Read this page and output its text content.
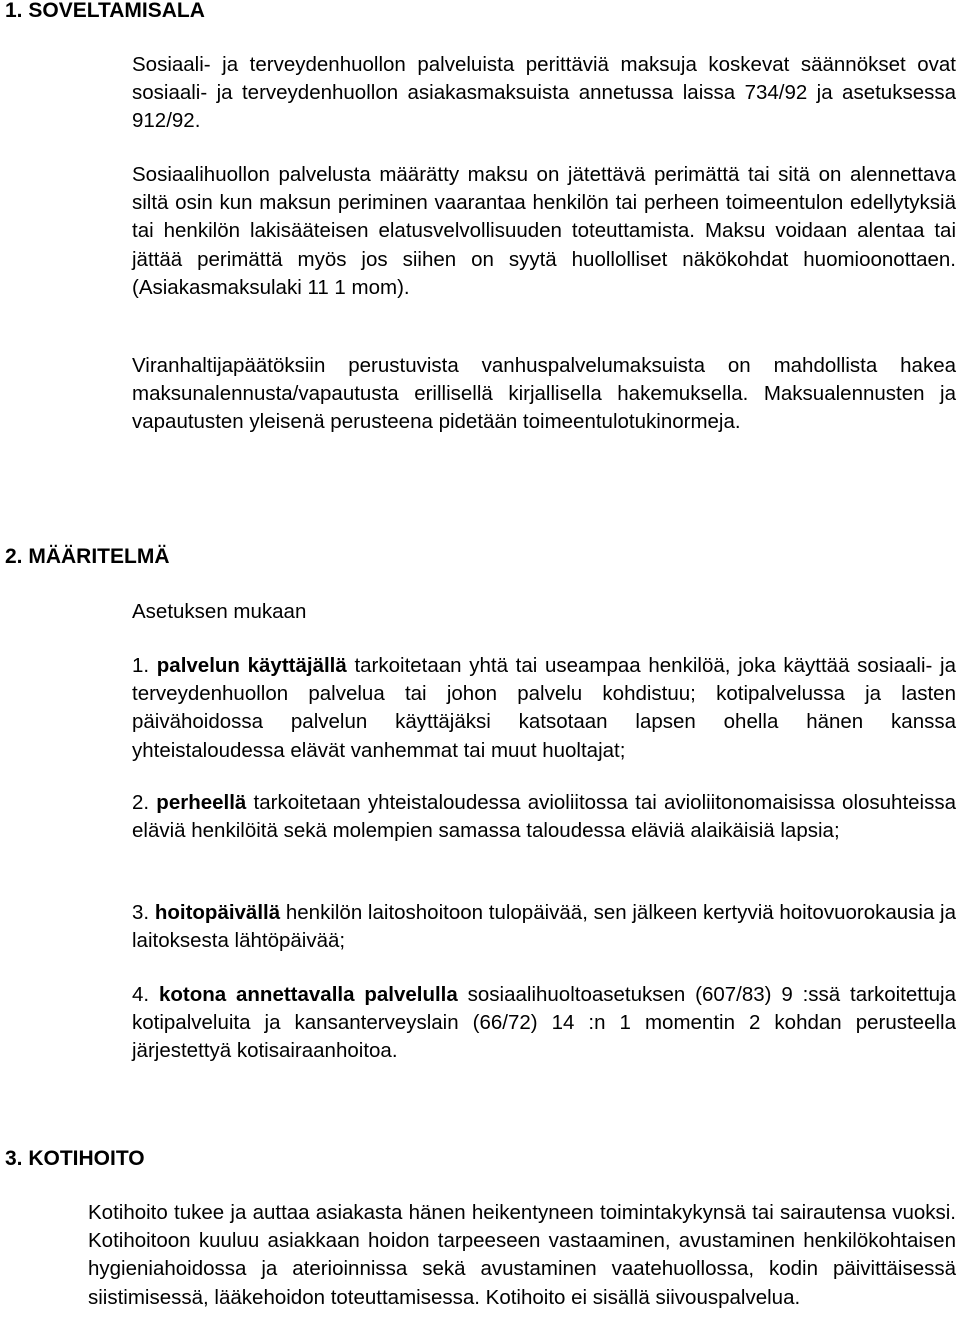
1. SOVELTAMISALA

Sosiaali- ja terveydenhuollon palveluista perittäviä maksuja koskevat säännökset ovat sosiaali- ja terveydenhuollon asiakasmaksuista annetussa laissa 734/92 ja asetuksessa 912/92.

Sosiaalihuollon palvelusta määrätty maksu on jätettävä perimättä tai sitä on alennettava siltä osin kun maksun periminen vaarantaa henkilön tai perheen toimeentulon edellytyksiä tai henkilön lakisääteisen elatusvelvollisuuden toteuttamista. Maksu voidaan alentaa tai jättää perimättä myös jos siihen on syytä huollolliset näkökohdat huomioonottaen. (Asiakasmaksulaki 11 1 mom).

Viranhaltijapäätöksiin perustuvista vanhuspalvelumaksuista on mahdollista hakea maksunalennusta/vapautusta erillisellä kirjallisella hakemuksella. Maksualennusten ja vapautusten yleisenä perusteena pidetään toimeentulotukinormeja.

2. MÄÄRITELMÄ

Asetuksen mukaan

1. palvelun käyttäjällä tarkoitetaan yhtä tai useampaa henkilöä, joka käyttää sosiaali- ja terveydenhuollon palvelua tai johon palvelu kohdistuu; kotipalvelussa ja lasten päivähoidossa palvelun käyttäjäksi katsotaan lapsen ohella hänen kanssa yhteistaloudessa elävät vanhemmat tai muut huoltajat;

2. perheellä tarkoitetaan yhteistaloudessa avioliitossa tai avioliitonomaisissa olosuhteissa eläviä henkilöitä sekä molempien samassa taloudessa eläviä alaikäisiä lapsia;

3. hoitopäivällä henkilön laitoshoitoon tulopäivää, sen jälkeen kertyviä hoitovuorokausia ja laitoksesta lähtöpäivää;

4. kotona annettavalla palvelulla sosiaalihuoltoasetuksen (607/83) 9 :ssä tarkoitettuja kotipalveluita ja kansanterveyslain (66/72) 14 :n 1 momentin 2 kohdan perusteella järjestettyä kotisairaanhoitoa.

3. KOTIHOITO

Kotihoito tukee ja auttaa asiakasta hänen heikentyneen toimintakykynsä tai sairautensa vuoksi. Kotihoitoon kuuluu asiakkaan hoidon tarpeeseen vastaaminen, avustaminen henkilökohtaisen hygieniahoidossa ja aterioinnissa sekä avustaminen vaatehuollossa, kodin päivittäisessä siistimisessä, lääkehoidon toteuttamisessa. Kotihoito ei sisällä siivouspalvelua.
